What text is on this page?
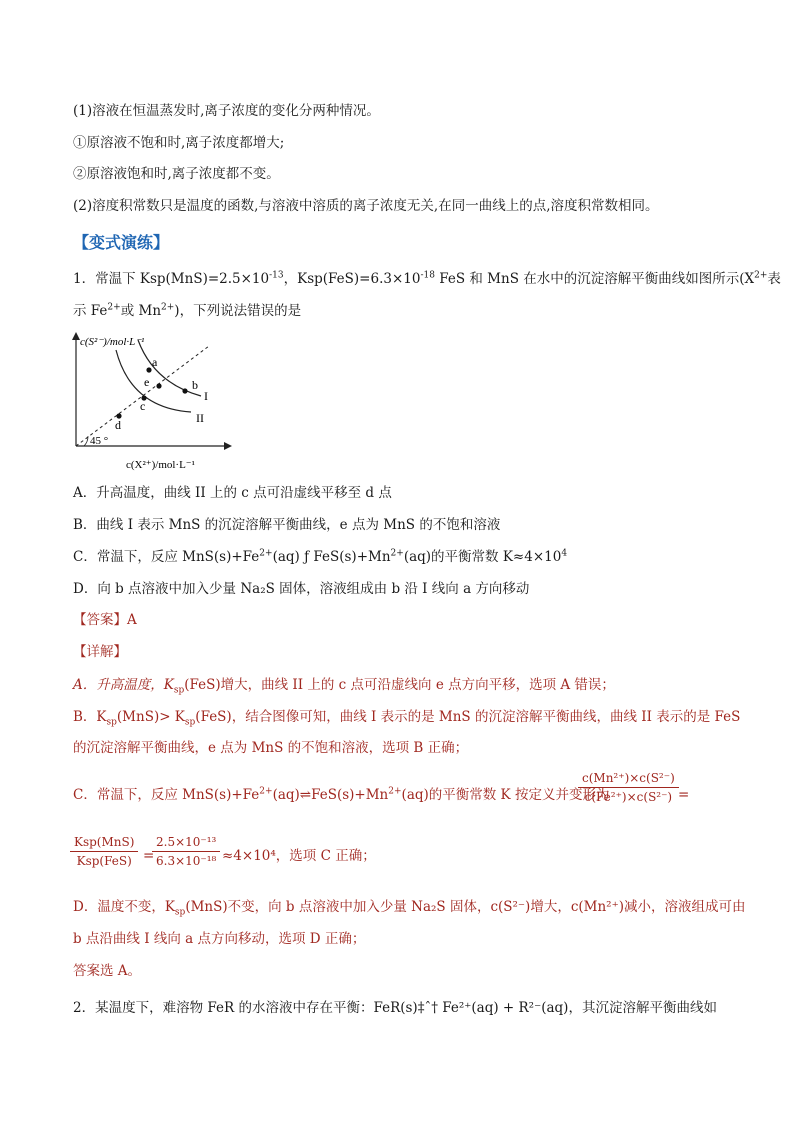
(1)溶液在恒温蒸发时,离子浓度的变化分两种情况。
①原溶液不饱和时,离子浓度都增大;
②原溶液饱和时,离子浓度都不变。
(2)溶度积常数只是温度的函数,与溶液中溶质的离子浓度无关,在同一曲线上的点,溶度积常数相同。
【变式演练】
1．常温下 $Ksp(MnS)=2.5\times 10^{-13}$，$Ksp(FeS)=6.3\times 10^{-18}$ FeS 和 MnS 在水中的沉淀溶解平衡曲线如图所示($X^{2+}$表
示 $Fe^{2+}$或 $Mn^{2+}$)，下列说法错误的是
c(S²⁻)/mol·L⁻¹
c(X²⁺)/mol·L⁻¹
45 °
I
II
a
b
c
d
e
A．升高温度，曲线 II 上的 c 点可沿虚线平移至 d 点
B．曲线 I 表示 MnS 的沉淀溶解平衡曲线，e 点为 MnS 的不饱和溶液
C．常温下，反应 $MnS(s)+Fe^{2+}(aq)$ ƒ $FeS(s)+Mn^{2+}(aq)$的平衡常数 $K\approx 4\times 10^4$
D．向 b 点溶液中加入少量 Na₂S 固体，溶液组成由 b 沿 I 线向 a 方向移动
【答案】A
【详解】
A．升高温度，$K_{sp}(FeS)$增大，曲线 II 上的 c 点可沿虚线向 e 点方向平移，选项 A 错误；
B．$K_{sp}(MnS)> K_{sp}(FeS)$，结合图像可知，曲线 I 表示的是 MnS 的沉淀溶解平衡曲线，曲线 II 表示的是 FeS
的沉淀溶解平衡曲线，e 点为 MnS 的不饱和溶液，选项 B 正确；
C．常温下，反应 $MnS(s)+Fe^{2+}(aq)\rightleftharpoons FeS(s)+Mn^{2+}(aq)$的平衡常数 K 按定义并变形为
$\frac{\text{c(Mn²⁺)×c(S²⁻)}}{\text{c(Fe²⁺)×c(S²⁻)}}$ =
Ksp(MnS)
Ksp(FeS) =
$\frac{\text{2.5×10⁻¹³}}{\text{6.3×10⁻¹⁸}} \approx 4\times 10^4$，选项 C 正确；
D．温度不变，$K_{sp}(MnS)$不变，向 b 点溶液中加入少量 Na₂S 固体，c(S²⁻)增大，c(Mn²⁺)减小，溶液组成可由
b 点沿曲线 I 线向 a 点方向移动，选项 D 正确；
答案选 A。
2．某温度下，难溶物 FeR 的水溶液中存在平衡：FeR(s)‡ˆ† Fe²⁺(aq) + R²⁻(aq)，其沉淀溶解平衡曲线如
